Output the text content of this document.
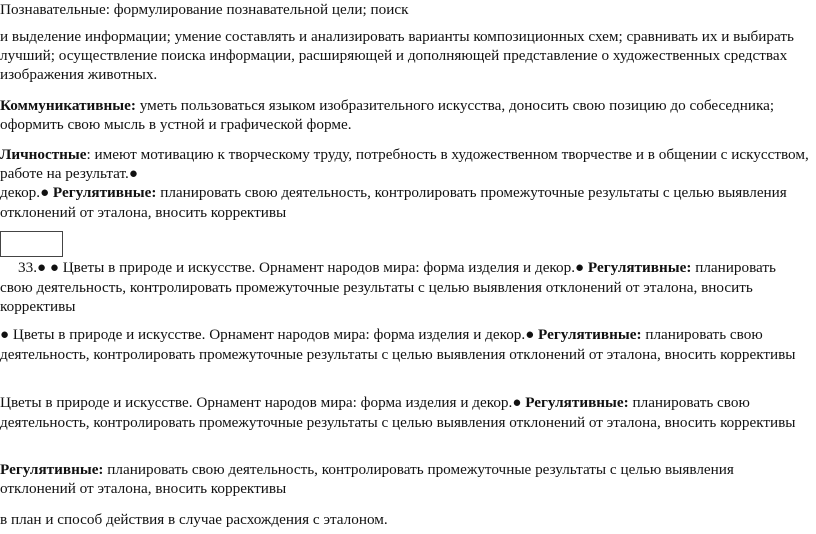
Познавательные: формулирование познавательной цели; поиск

и выделение информации; умение составлять и анализировать варианты композиционных схем; сравнивать их и выбирать лучший; осуществление поиска информации, расширяющей и дополняющей представление о художественных средствах изображения животных.

Коммуникативные: уметь пользоваться языком изобразительного искусства, доносить свою позицию до собеседника; оформить свою мысль в устной и графической форме.

Личностные: имеют мотивацию к творческому труду, потребность в художественном творчестве и в общении с искусством, работе на результат.●

декор.● Регулятивные: планировать свою деятельность, контролировать промежуточные результаты с целью выявления отклонений от эталона, вносить коррективы

33.● ● Цветы в природе и искусстве. Орнамент народов мира: форма изделия и декор.● Регулятивные: планировать свою деятельность, контролировать промежуточные результаты с целью выявления отклонений от эталона, вносить коррективы

● Цветы в природе и искусстве. Орнамент народов мира: форма изделия и декор.● Регулятивные: планировать свою деятельность, контролировать промежуточные результаты с целью выявления отклонений от эталона, вносить коррективы

Цветы в природе и искусстве. Орнамент народов мира: форма изделия и декор.● Регулятивные: планировать свою деятельность, контролировать промежуточные результаты с целью выявления отклонений от эталона, вносить коррективы

Регулятивные: планировать свою деятельность, контролировать промежуточные результаты с целью выявления отклонений от эталона, вносить коррективы

в план и способ действия в случае расхождения с эталоном.
